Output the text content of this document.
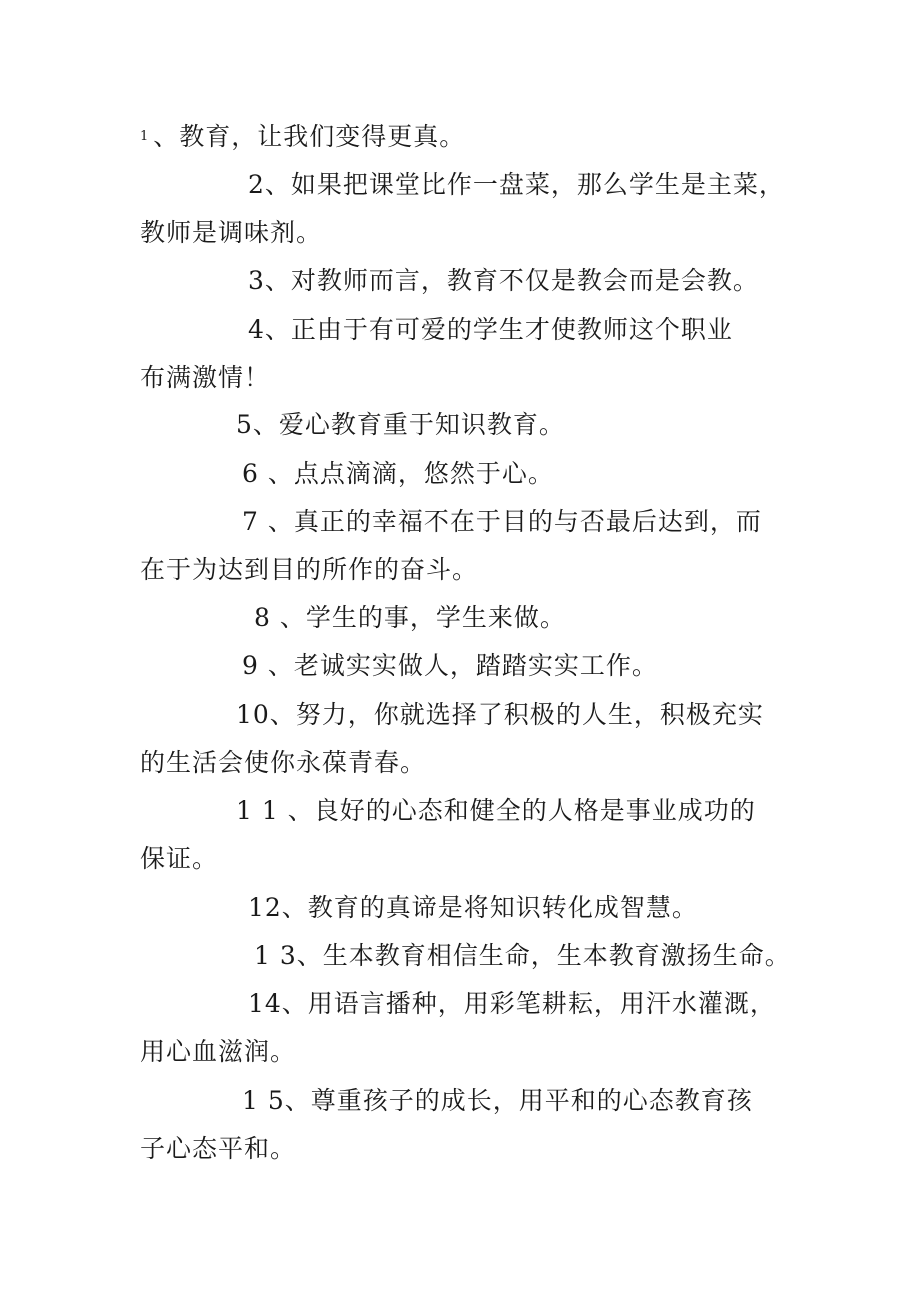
$^1$ 、教育，让我们变得更真。
2、如果把课堂比作一盘菜，那么学生是主菜，
教师是调味剂。
3、对教师而言，教育不仅是教会而是会教。
4、正由于有可爱的学生才使教师这个职业
布满激情！
5、爱心教育重于知识教育。
6 、点点滴滴，悠然于心。
7 、真正的幸福不在于目的与否最后达到，而
在于为达到目的所作的奋斗。
8 、学生的事，学生来做。
9 、老诚实实做人，踏踏实实工作。
10、努力，你就选择了积极的人生，积极充实
的生活会使你永葆青春。
1 1 、良好的心态和健全的人格是事业成功的
保证。
12、教育的真谛是将知识转化成智慧。
1 3、生本教育相信生命，生本教育激扬生命。
14、用语言播种，用彩笔耕耘，用汗水灌溉，
用心血滋润。
1 5、尊重孩子的成长，用平和的心态教育孩
子心态平和。
